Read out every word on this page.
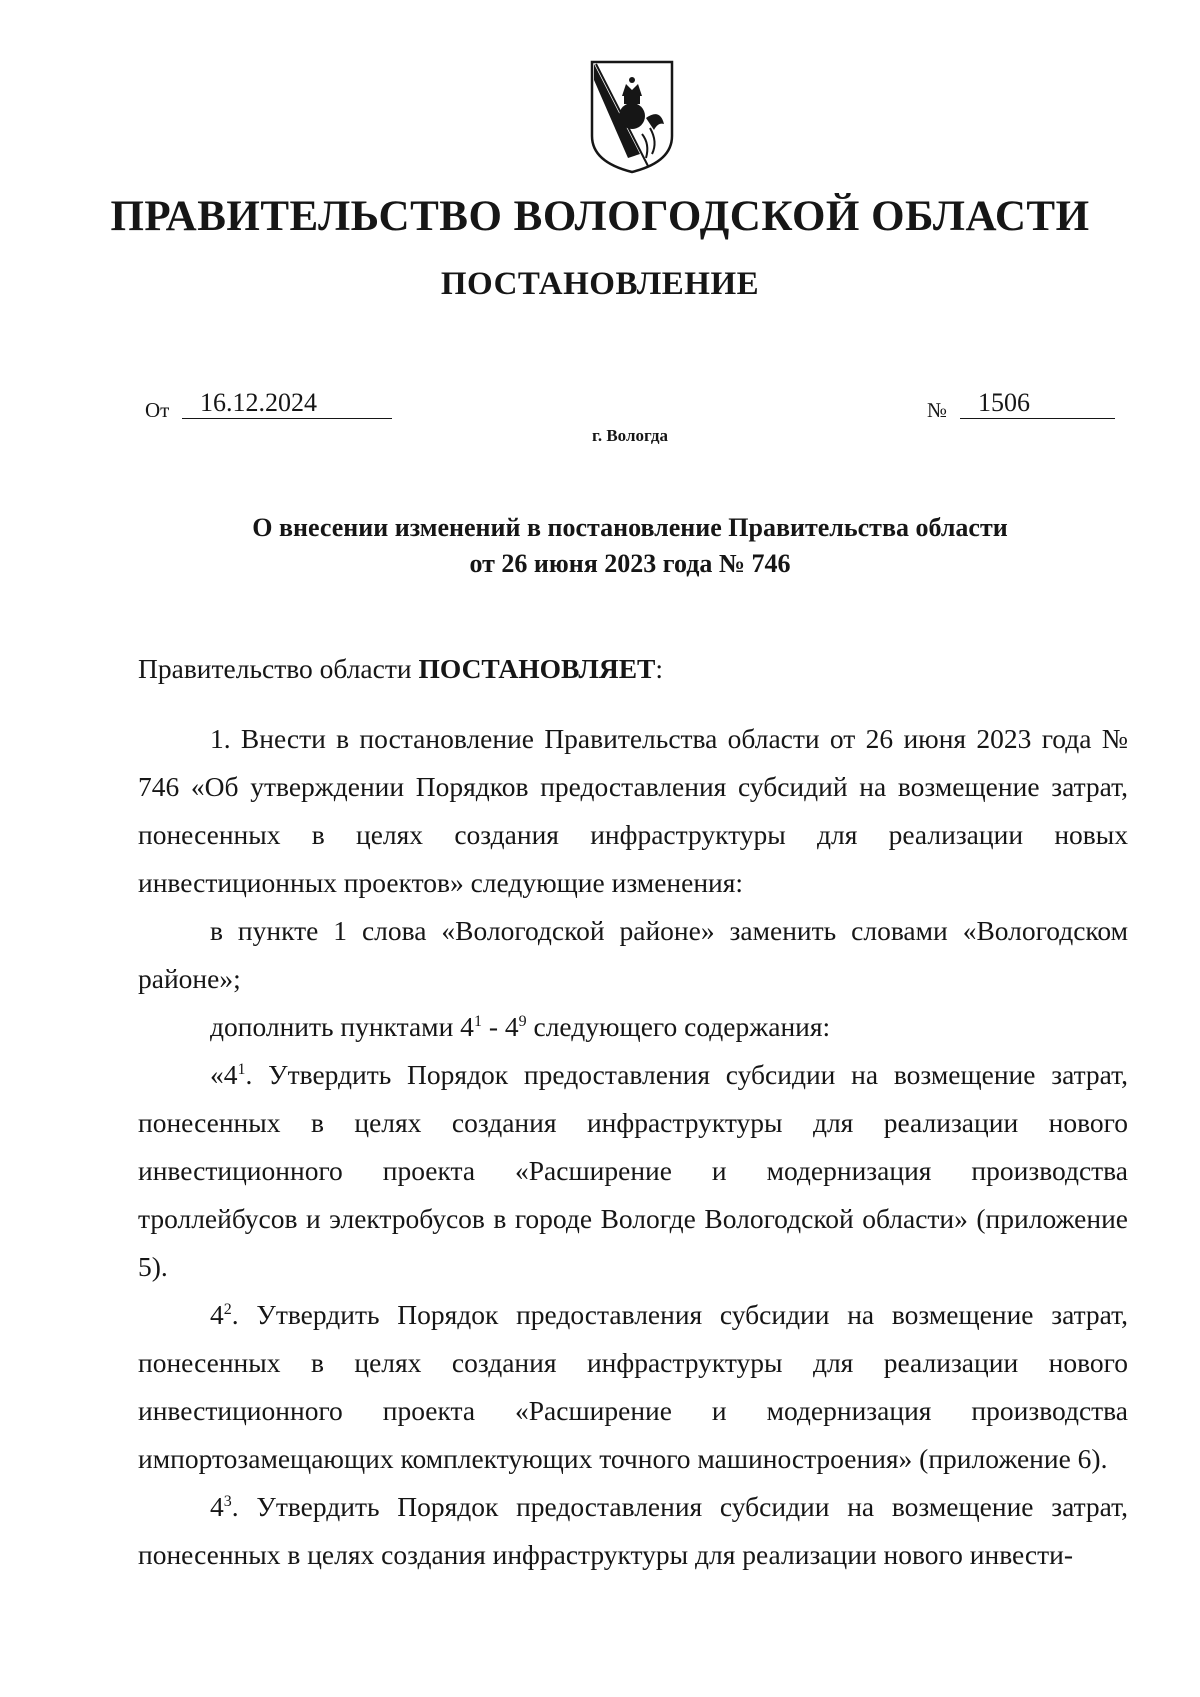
ПРАВИТЕЛЬСТВО ВОЛОГОДСКОЙ ОБЛАСТИ
ПОСТАНОВЛЕНИЕ
От	16.12.2024	№	1506
г. Вологда
О внесении изменений в постановление Правительства области
от 26 июня 2023 года № 746

Правительство области ПОСТАНОВЛЯЕТ:

1. Внести в постановление Правительства области от 26 июня 2023 года № 746 «Об утверждении Порядков предоставления субсидий на возмещение затрат, понесенных в целях создания инфраструктуры для реализации новых инвестиционных проектов» следующие изменения:

в пункте 1 слова «Вологодской районе» заменить словами «Вологодском районе»;

дополнить пунктами $4^1 - 4^9$ следующего содержания:

«$4^1$. Утвердить Порядок предоставления субсидии на возмещение затрат, понесенных в целях создания инфраструктуры для реализации нового инвестиционного проекта «Расширение и модернизация производства троллейбусов и электробусов в городе Вологде Вологодской области» (приложение 5).

$4^2$. Утвердить Порядок предоставления субсидии на возмещение затрат, понесенных в целях создания инфраструктуры для реализации нового инвестиционного проекта «Расширение и модернизация производства импортозамещающих комплектующих точного машиностроения» (приложение 6).

$4^3$. Утвердить Порядок предоставления субсидии на возмещение затрат, понесенных в целях создания инфраструктуры для реализации нового инвести-
